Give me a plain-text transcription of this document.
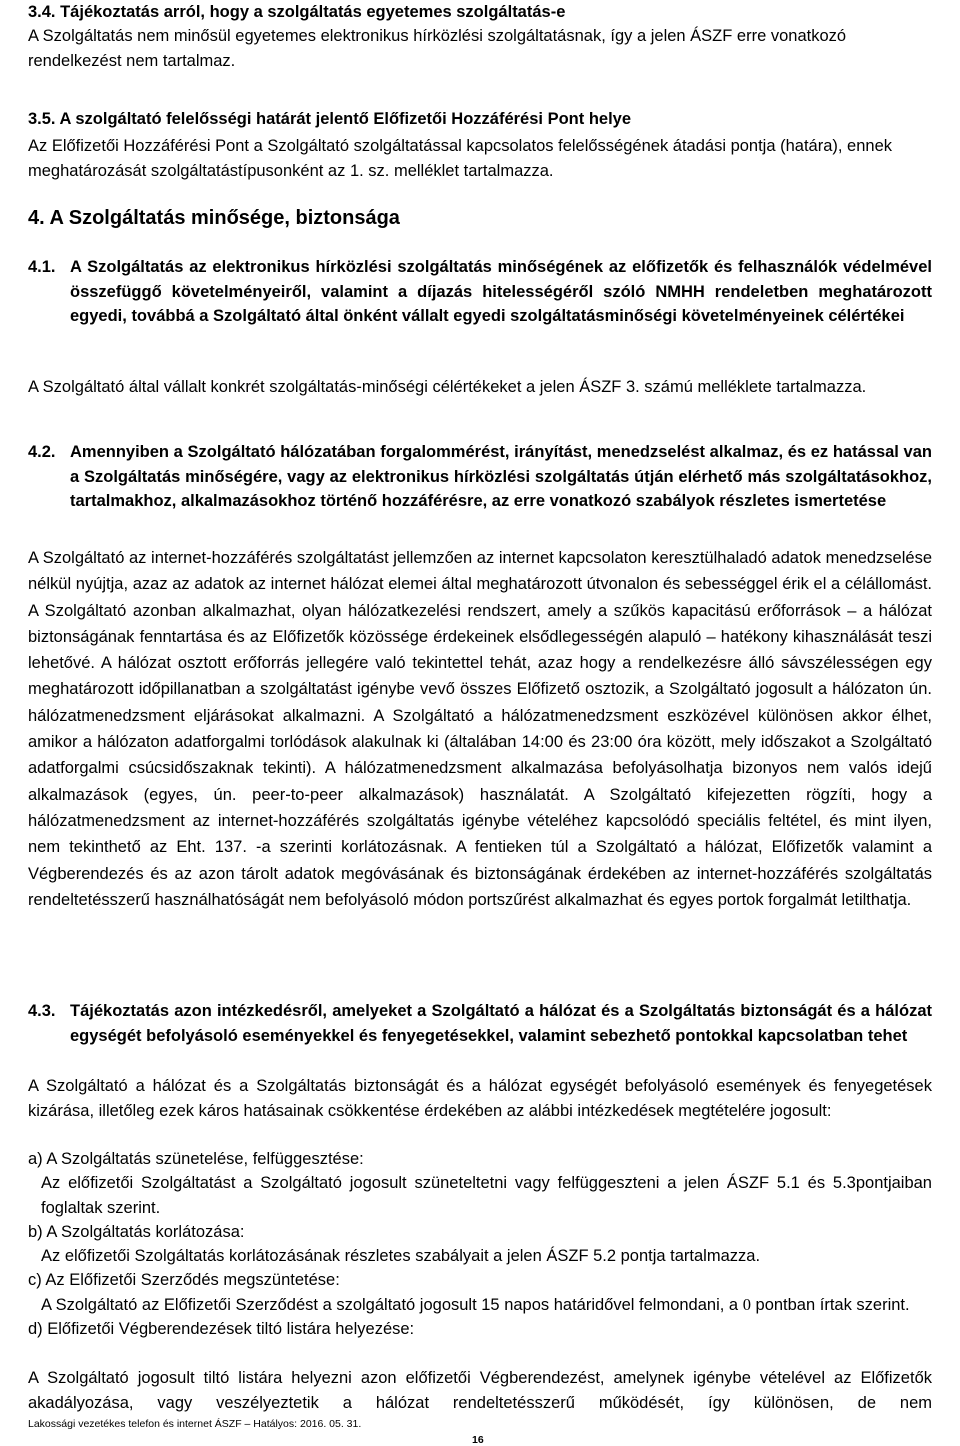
3.4. Tájékoztatás arról, hogy a szolgáltatás egyetemes szolgáltatás-e
A Szolgáltatás nem minősül egyetemes elektronikus hírközlési szolgáltatásnak, így a jelen ÁSZF erre vonatkozó rendelkezést nem tartalmaz.
3.5. A szolgáltató felelősségi határát jelentő Előfizetői Hozzáférési Pont helye
Az Előfizetői Hozzáférési Pont a Szolgáltató szolgáltatással kapcsolatos felelősségének átadási pontja (határa), ennek meghatározását szolgáltatástípusonként az 1. sz. melléklet tartalmazza.
4. A Szolgáltatás minősége, biztonsága
4.1. A Szolgáltatás az elektronikus hírközlési szolgáltatás minőségének az előfizetők és felhasználók védelmével összefüggő követelményeiről, valamint a díjazás hitelességéről szóló NMHH rendeletben meghatározott egyedi, továbbá a Szolgáltató által önként vállalt egyedi szolgáltatásminőségi követelményeinek célértékei
A Szolgáltató által vállalt konkrét szolgáltatás-minőségi célértékeket a jelen ÁSZF 3. számú melléklete tartalmazza.
4.2. Amennyiben a Szolgáltató hálózatában forgalommérést, irányítást, menedzselést alkalmaz, és ez hatással van a Szolgáltatás minőségére, vagy az elektronikus hírközlési szolgáltatás útján elérhető más szolgáltatásokhoz, tartalmakhoz, alkalmazásokhoz történő hozzáférésre, az erre vonatkozó szabályok részletes ismertetése
A Szolgáltató az internet-hozzáférés szolgáltatást jellemzően az internet kapcsolaton keresztülhaladó adatok menedzselése nélkül nyújtja, azaz az adatok az internet hálózat elemei által meghatározott útvonalon és sebességgel érik el a célállomást. A Szolgáltató azonban alkalmazhat, olyan hálózatkezelési rendszert, amely a szűkös kapacitású erőforrások – a hálózat biztonságának fenntartása és az Előfizetők közössége érdekeinek elsődlegességén alapuló – hatékony kihasználását teszi lehetővé. A hálózat osztott erőforrás jellegére való tekintettel tehát, azaz hogy a rendelkezésre álló sávszélességen egy meghatározott időpillanatban a szolgáltatást igénybe vevő összes Előfizető osztozik, a Szolgáltató jogosult a hálózaton ún. hálózatmenedzsment eljárásokat alkalmazni. A Szolgáltató a hálózatmenedzsment eszközével különösen akkor élhet, amikor a hálózaton adatforgalmi torlódások alakulnak ki (általában 14:00 és 23:00 óra között, mely időszakot a Szolgáltató adatforgalmi csúcsidőszaknak tekinti). A hálózatmenedzsment alkalmazása befolyásolhatja bizonyos nem valós idejű alkalmazások (egyes, ún. peer-to-peer alkalmazások) használatát. A Szolgáltató kifejezetten rögzíti, hogy a hálózatmenedzsment az internet-hozzáférés szolgáltatás igénybe vételéhez kapcsolódó speciális feltétel, és mint ilyen, nem tekinthető az Eht. 137. -a szerinti korlátozásnak. A fentieken túl a Szolgáltató a hálózat, Előfizetők valamint a Végberendezés és az azon tárolt adatok megóvásának és biztonságának érdekében az internet-hozzáférés szolgáltatás rendeltetésszerű használhatóságát nem befolyásoló módon portszűrést alkalmazhat és egyes portok forgalmát letilthatja.
4.3. Tájékoztatás azon intézkedésről, amelyeket a Szolgáltató a hálózat és a Szolgáltatás biztonságát és a hálózat egységét befolyásoló eseményekkel és fenyegetésekkel, valamint sebezhető pontokkal kapcsolatban tehet
A Szolgáltató a hálózat és a Szolgáltatás biztonságát és a hálózat egységét befolyásoló események és fenyegetések kizárása, illetőleg ezek káros hatásainak csökkentése érdekében az alábbi intézkedések megtételére jogosult:
a) A Szolgáltatás szünetelése, felfüggesztése:
Az előfizetői Szolgáltatást a Szolgáltató jogosult szüneteltetni vagy felfüggeszteni a jelen ÁSZF 5.1 és 5.3pontjaiban foglaltak szerint.
b) A Szolgáltatás korlátozása:
Az előfizetői Szolgáltatás korlátozásának részletes szabályait a jelen ÁSZF 5.2 pontja tartalmazza.
c) Az Előfizetői Szerződés megszüntetése:
A Szolgáltató az Előfizetői Szerződést a szolgáltató jogosult 15 napos határidővel felmondani, a 0 pontban írtak szerint.
d) Előfizetői Végberendezések tiltó listára helyezése:
A Szolgáltató jogosult tiltó listára helyezni azon előfizetői Végberendezést, amelynek igénybe vételével az Előfizetők akadályozása, vagy veszélyeztetik a hálózat rendeltetésszerű működését, így különösen, de nem
Lakossági vezetékes telefon és internet ÁSZF – Hatályos: 2016. 05. 31.
16
